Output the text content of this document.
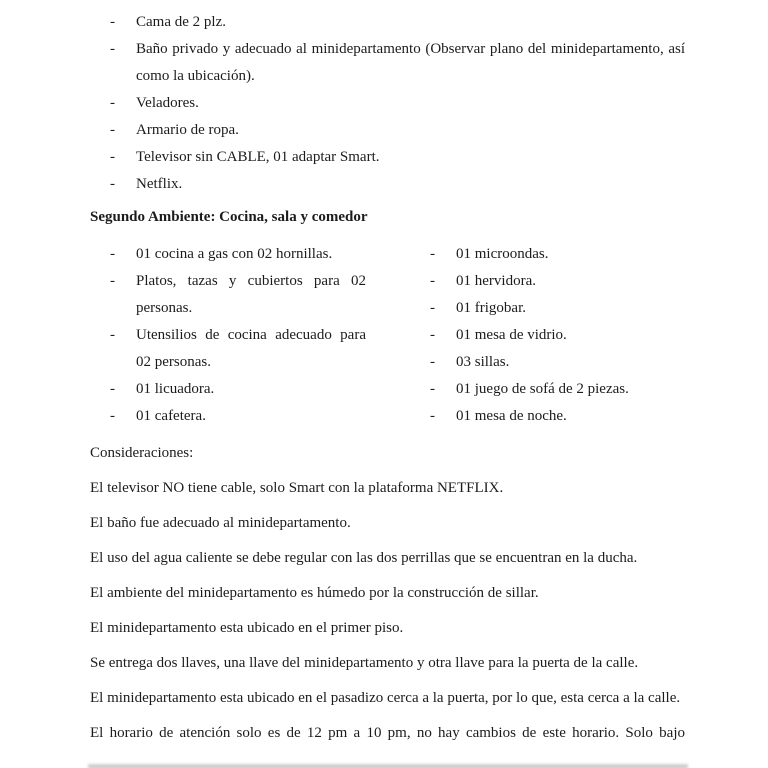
-	Cama de 2 plz.
-	Baño privado y adecuado al minidepartamento (Observar plano del minidepartamento, así como la ubicación).
-	Veladores.
-	Armario de ropa.
-	Televisor sin CABLE, 01 adaptar Smart.
-	Netflix.
Segundo Ambiente: Cocina, sala y comedor
-	01 cocina a gas con 02 hornillas.
-	Platos, tazas y cubiertos para 02 personas.
-	Utensilios de cocina adecuado para 02 personas.
-	01 licuadora.
-	01 cafetera.
-	01 microondas.
-	01 hervidora.
-	01 frigobar.
-	01 mesa de vidrio.
-	03 sillas.
-	01 juego de sofá de 2 piezas.
-	01 mesa de noche.
Consideraciones:

El televisor NO tiene cable, solo Smart con la plataforma NETFLIX.

El baño fue adecuado al minidepartamento.

El uso del agua caliente se debe regular con las dos perrillas que se encuentran en la ducha.

El ambiente del minidepartamento es húmedo por la construcción de sillar.

El minidepartamento esta ubicado en el primer piso.

Se entrega dos llaves, una llave del minidepartamento y otra llave para la puerta de la calle.

El minidepartamento esta ubicado en el pasadizo cerca a la puerta, por lo que, esta cerca a la calle.

El horario de atención solo es de 12 pm a 10 pm, no hay cambios de este horario. Solo bajo
